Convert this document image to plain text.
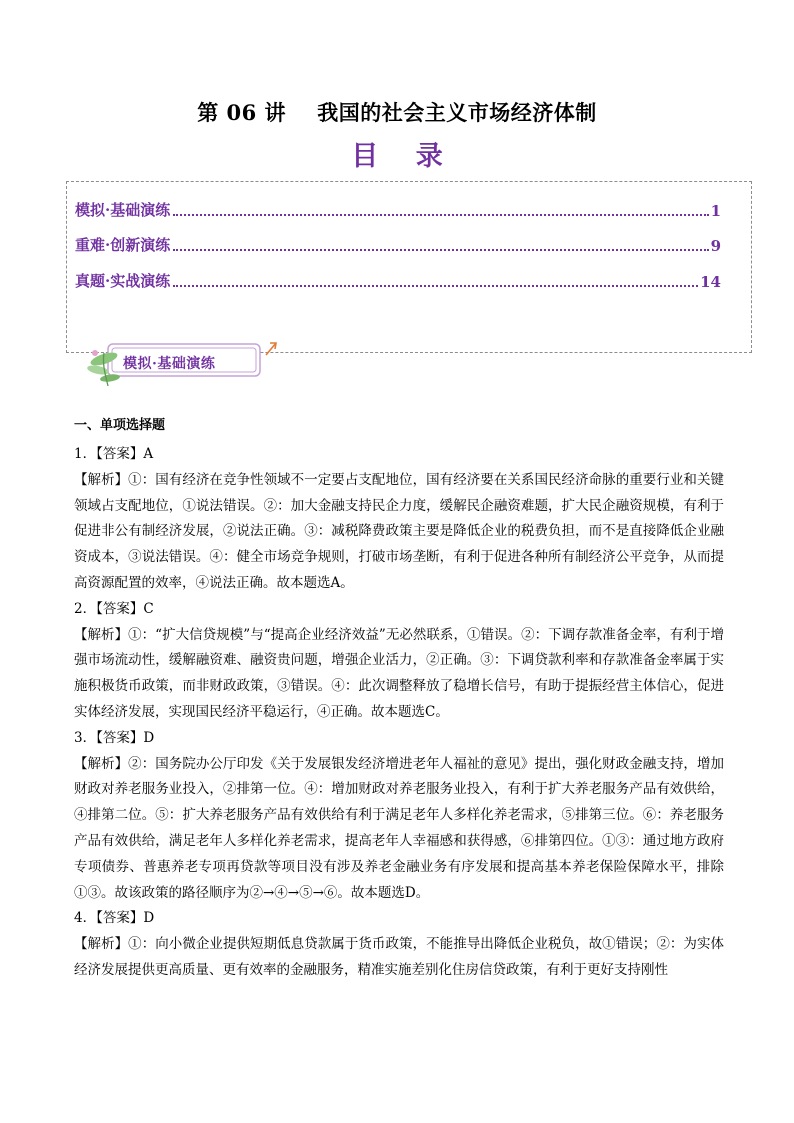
第 06 讲    我国的社会主义市场经济体制
目 录
模拟·基础演练	1
重难·创新演练	9
真题·实战演练	14
模拟·基础演练
一、单项选择题

1．【答案】A

【解析】①：国有经济在竞争性领域不一定要占支配地位，国有经济要在关系国民经济命脉的重要行业和关键领域占支配地位，①说法错误。②：加大金融支持民企力度，缓解民企融资难题，扩大民企融资规模，有利于促进非公有制经济发展，②说法正确。③：减税降费政策主要是降低企业的税费负担，而不是直接降低企业融资成本，③说法错误。④：健全市场竞争规则，打破市场垄断，有利于促进各种所有制经济公平竞争，从而提高资源配置的效率，④说法正确。故本题选A。

2．【答案】C

【解析】①：“扩大信贷规模”与“提高企业经济效益”无必然联系，①错误。②：下调存款准备金率，有利于增强市场流动性，缓解融资难、融资贵问题，增强企业活力，②正确。③：下调贷款利率和存款准备金率属于实施积极货币政策，而非财政政策，③错误。④：此次调整释放了稳增长信号，有助于提振经营主体信心，促进实体经济发展，实现国民经济平稳运行，④正确。故本题选C。

3．【答案】D

【解析】②：国务院办公厅印发《关于发展银发经济增进老年人福祉的意见》提出，强化财政金融支持，增加财政对养老服务业投入，②排第一位。④：增加财政对养老服务业投入，有利于扩大养老服务产品有效供给，④排第二位。⑤：扩大养老服务产品有效供给有利于满足老年人多样化养老需求，⑤排第三位。⑥：养老服务产品有效供给，满足老年人多样化养老需求，提高老年人幸福感和获得感，⑥排第四位。①③：通过地方政府专项债券、普惠养老专项再贷款等项目没有涉及养老金融业务有序发展和提高基本养老保险保障水平，排除①③。故该政策的路径顺序为②→④→⑤→⑥。故本题选D。

4．【答案】D

【解析】①：向小微企业提供短期低息贷款属于货币政策，不能推导出降低企业税负，故①错误；②：为实体经济发展提供更高质量、更有效率的金融服务，精准实施差别化住房信贷政策，有利于更好支持刚性
